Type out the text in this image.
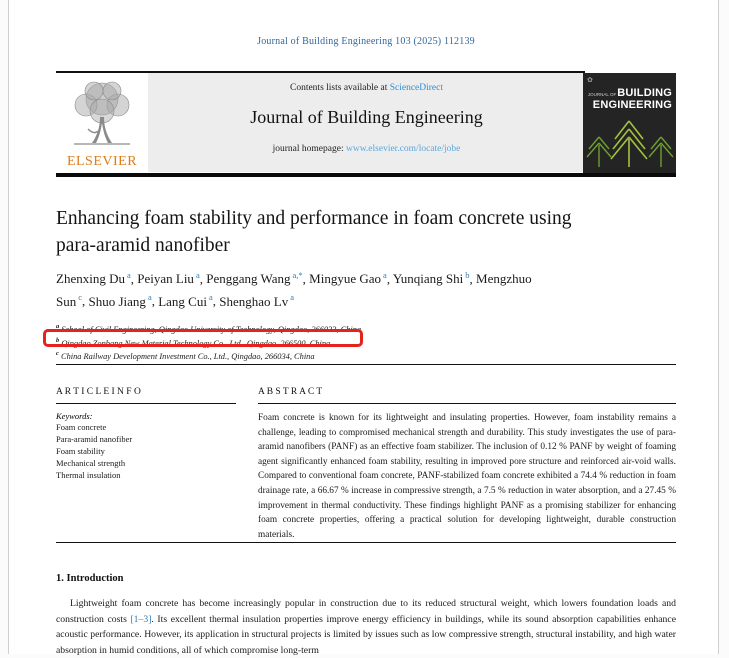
Journal of Building Engineering 103 (2025) 112139
ELSEVIER
Contents lists available at ScienceDirect
Journal of Building Engineering
journal homepage: www.elsevier.com/locate/jobe
✿
JOURNAL OFBUILDING
ENGINEERING
Enhancing foam stability and performance in foam concrete using para-aramid nanofiber
Zhenxing Du $^a$, Peiyan Liu $^a$, Penggang Wang $^{a,*}$, Mingyue Gao $^a$, Yunqiang Shi $^b$, Mengzhuo Sun $^c$, Shuo Jiang $^a$, Lang Cui $^a$, Shenghao Lv $^a$
$^a$ School of Civil Engineering, Qingdao University of Technology, Qingdao, 266033, China
$^b$ Qingdao Zonbang New Material Technology Co., Ltd., Qingdao, 266500, China
$^c$ China Railway Development Investment Co., Ltd., Qingdao, 266034, China
A R T I C L E I N F O
Keywords:
Foam concrete
Para-aramid nanofiber
Foam stability
Mechanical strength
Thermal insulation
A B S T R A C T
Foam concrete is known for its lightweight and insulating properties. However, foam instability remains a challenge, leading to compromised mechanical strength and durability. This study investigates the use of para-aramid nanofibers (PANF) as an effective foam stabilizer. The inclusion of 0.12 % PANF by weight of foaming agent significantly enhanced foam stability, resulting in improved pore structure and reinforced air-void walls. Compared to conventional foam concrete, PANF-stabilized foam concrete exhibited a 74.4 % reduction in foam drainage rate, a 66.67 % increase in compressive strength, a 7.5 % reduction in water absorption, and a 27.45 % improvement in thermal conductivity. These findings highlight PANF as a promising stabilizer for enhancing foam concrete properties, offering a practical solution for developing lightweight, durable construction materials.
1. Introduction
Lightweight foam concrete has become increasingly popular in construction due to its reduced structural weight, which lowers foundation loads and construction costs [1–3]. Its excellent thermal insulation properties improve energy efficiency in buildings, while its sound absorption capabilities enhance acoustic performance. However, its application in structural projects is limited by issues such as low compressive strength, structural instability, and high water absorption in humid conditions, all of which compromise long-term
